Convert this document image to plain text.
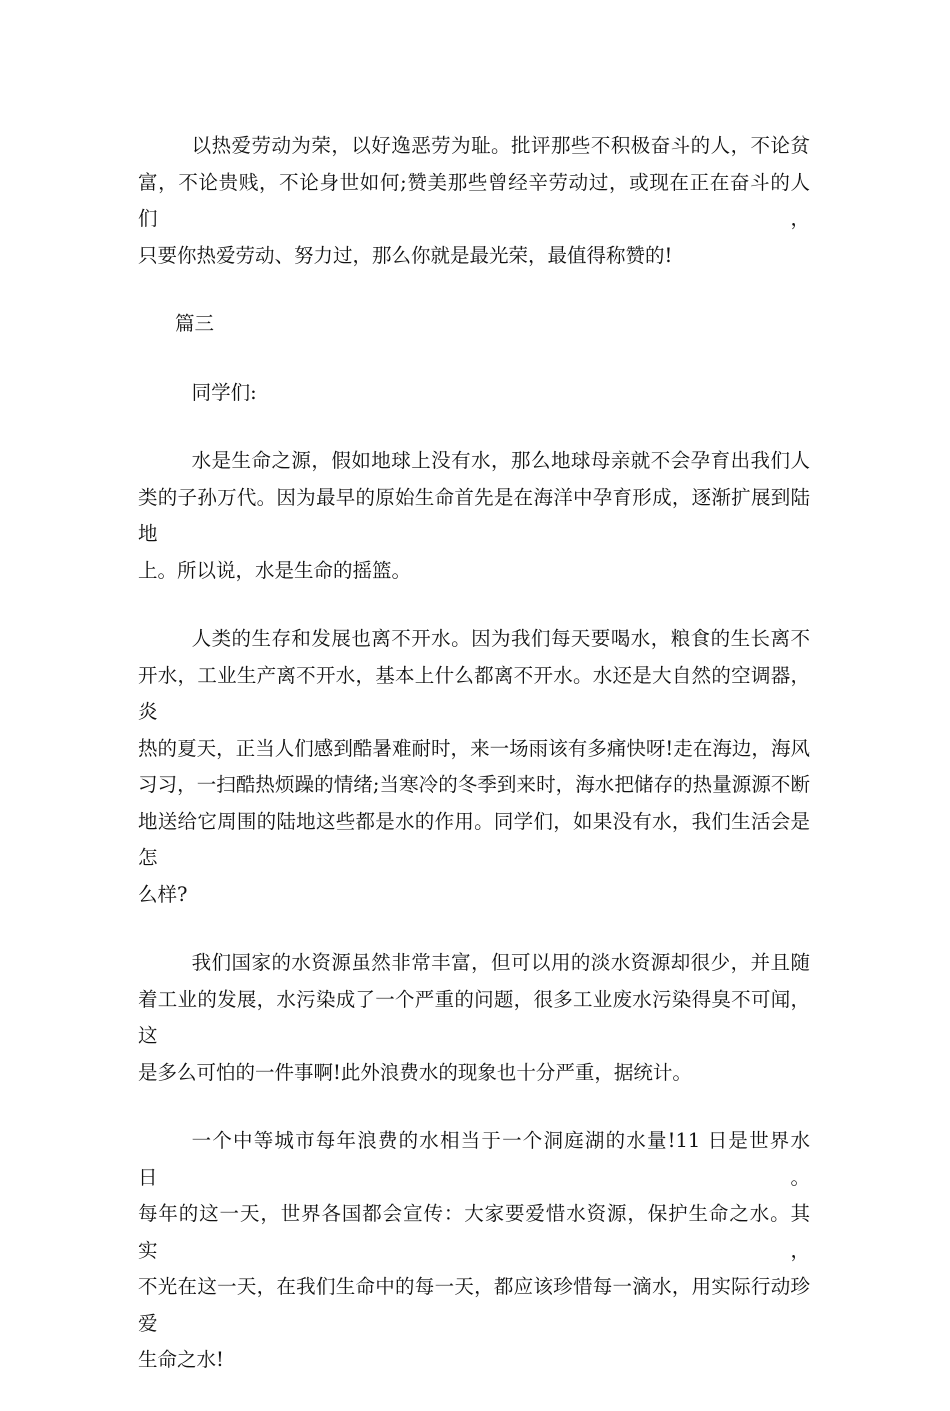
以热爱劳动为荣，以好逸恶劳为耻。批评那些不积极奋斗的人，不论贫
富，不论贵贱，不论身世如何;赞美那些曾经辛劳动过，或现在正在奋斗的人们，
只要你热爱劳动、努力过，那么你就是最光荣，最值得称赞的!
篇三
同学们:
水是生命之源，假如地球上没有水，那么地球母亲就不会孕育出我们人
类的子孙万代。因为最早的原始生命首先是在海洋中孕育形成，逐渐扩展到陆地
上。所以说，水是生命的摇篮。
人类的生存和发展也离不开水。因为我们每天要喝水，粮食的生长离不
开水，工业生产离不开水，基本上什么都离不开水。水还是大自然的空调器，炎
热的夏天，正当人们感到酷暑难耐时，来一场雨该有多痛快呀!走在海边，海风
习习，一扫酷热烦躁的情绪;当寒冷的冬季到来时，海水把储存的热量源源不断
地送给它周围的陆地这些都是水的作用。同学们，如果没有水，我们生活会是怎
么样?
我们国家的水资源虽然非常丰富，但可以用的淡水资源却很少，并且随
着工业的发展，水污染成了一个严重的问题，很多工业废水污染得臭不可闻，这
是多么可怕的一件事啊!此外浪费水的现象也十分严重，据统计。
一个中等城市每年浪费的水相当于一个洞庭湖的水量!11 日是世界水日。
每年的这一天，世界各国都会宣传：大家要爱惜水资源，保护生命之水。其实，
不光在这一天，在我们生命中的每一天，都应该珍惜每一滴水，用实际行动珍爱
生命之水!
